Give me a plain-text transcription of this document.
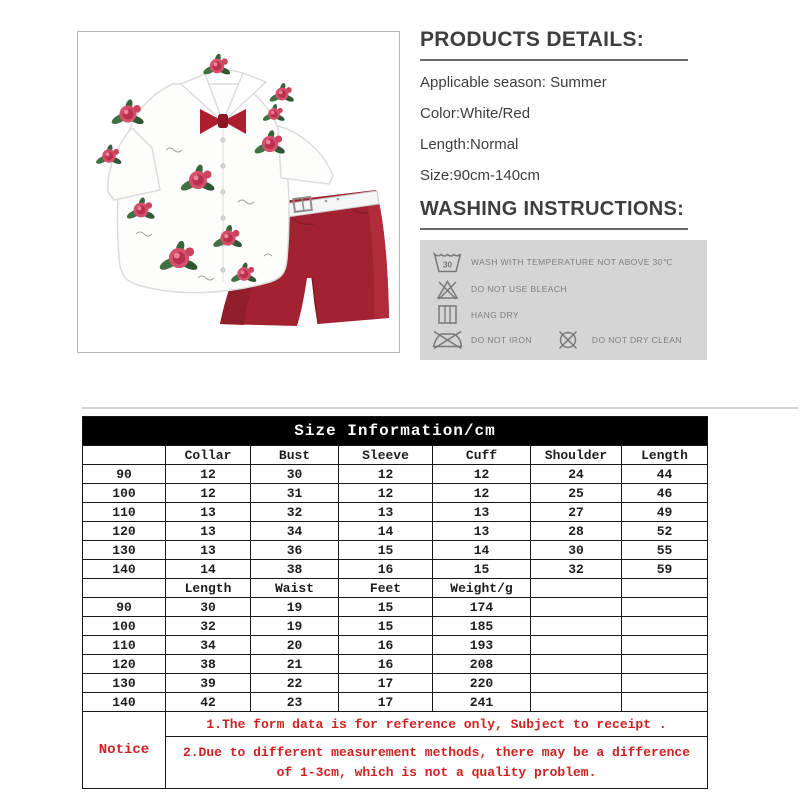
PRODUCTS DETAILS:

Applicable season: Summer

Color:White/Red

Length:Normal

Size:90cm-140cm

WASHING INSTRUCTIONS:
30 WASH WITH TEMPERATURE NOT ABOVE 30℃
DO NOT USE BLEACH
HANG DRY
DO NOT IRON	DO NOT DRY CLEAN
Size Information/cm						
	Collar	Bust	Sleeve	Cuff	Shoulder	Length
90	12	30	12	12	24	44
100	12	31	12	12	25	46
110	13	32	13	13	27	49
120	13	34	14	13	28	52
130	13	36	15	14	30	55
140	14	38	16	15	32	59
	Length	Waist	Feet	Weight/g		
90	30	19	15	174		
100	32	19	15	185		
110	34	20	16	193		
120	38	21	16	208		
130	39	22	17	220		
140	42	23	17	241		
Notice	1.The form data is for reference only, Subject to receipt .					
	2.Due to different measurement methods, there may be a difference of 1-3cm, which is not a quality problem.					
